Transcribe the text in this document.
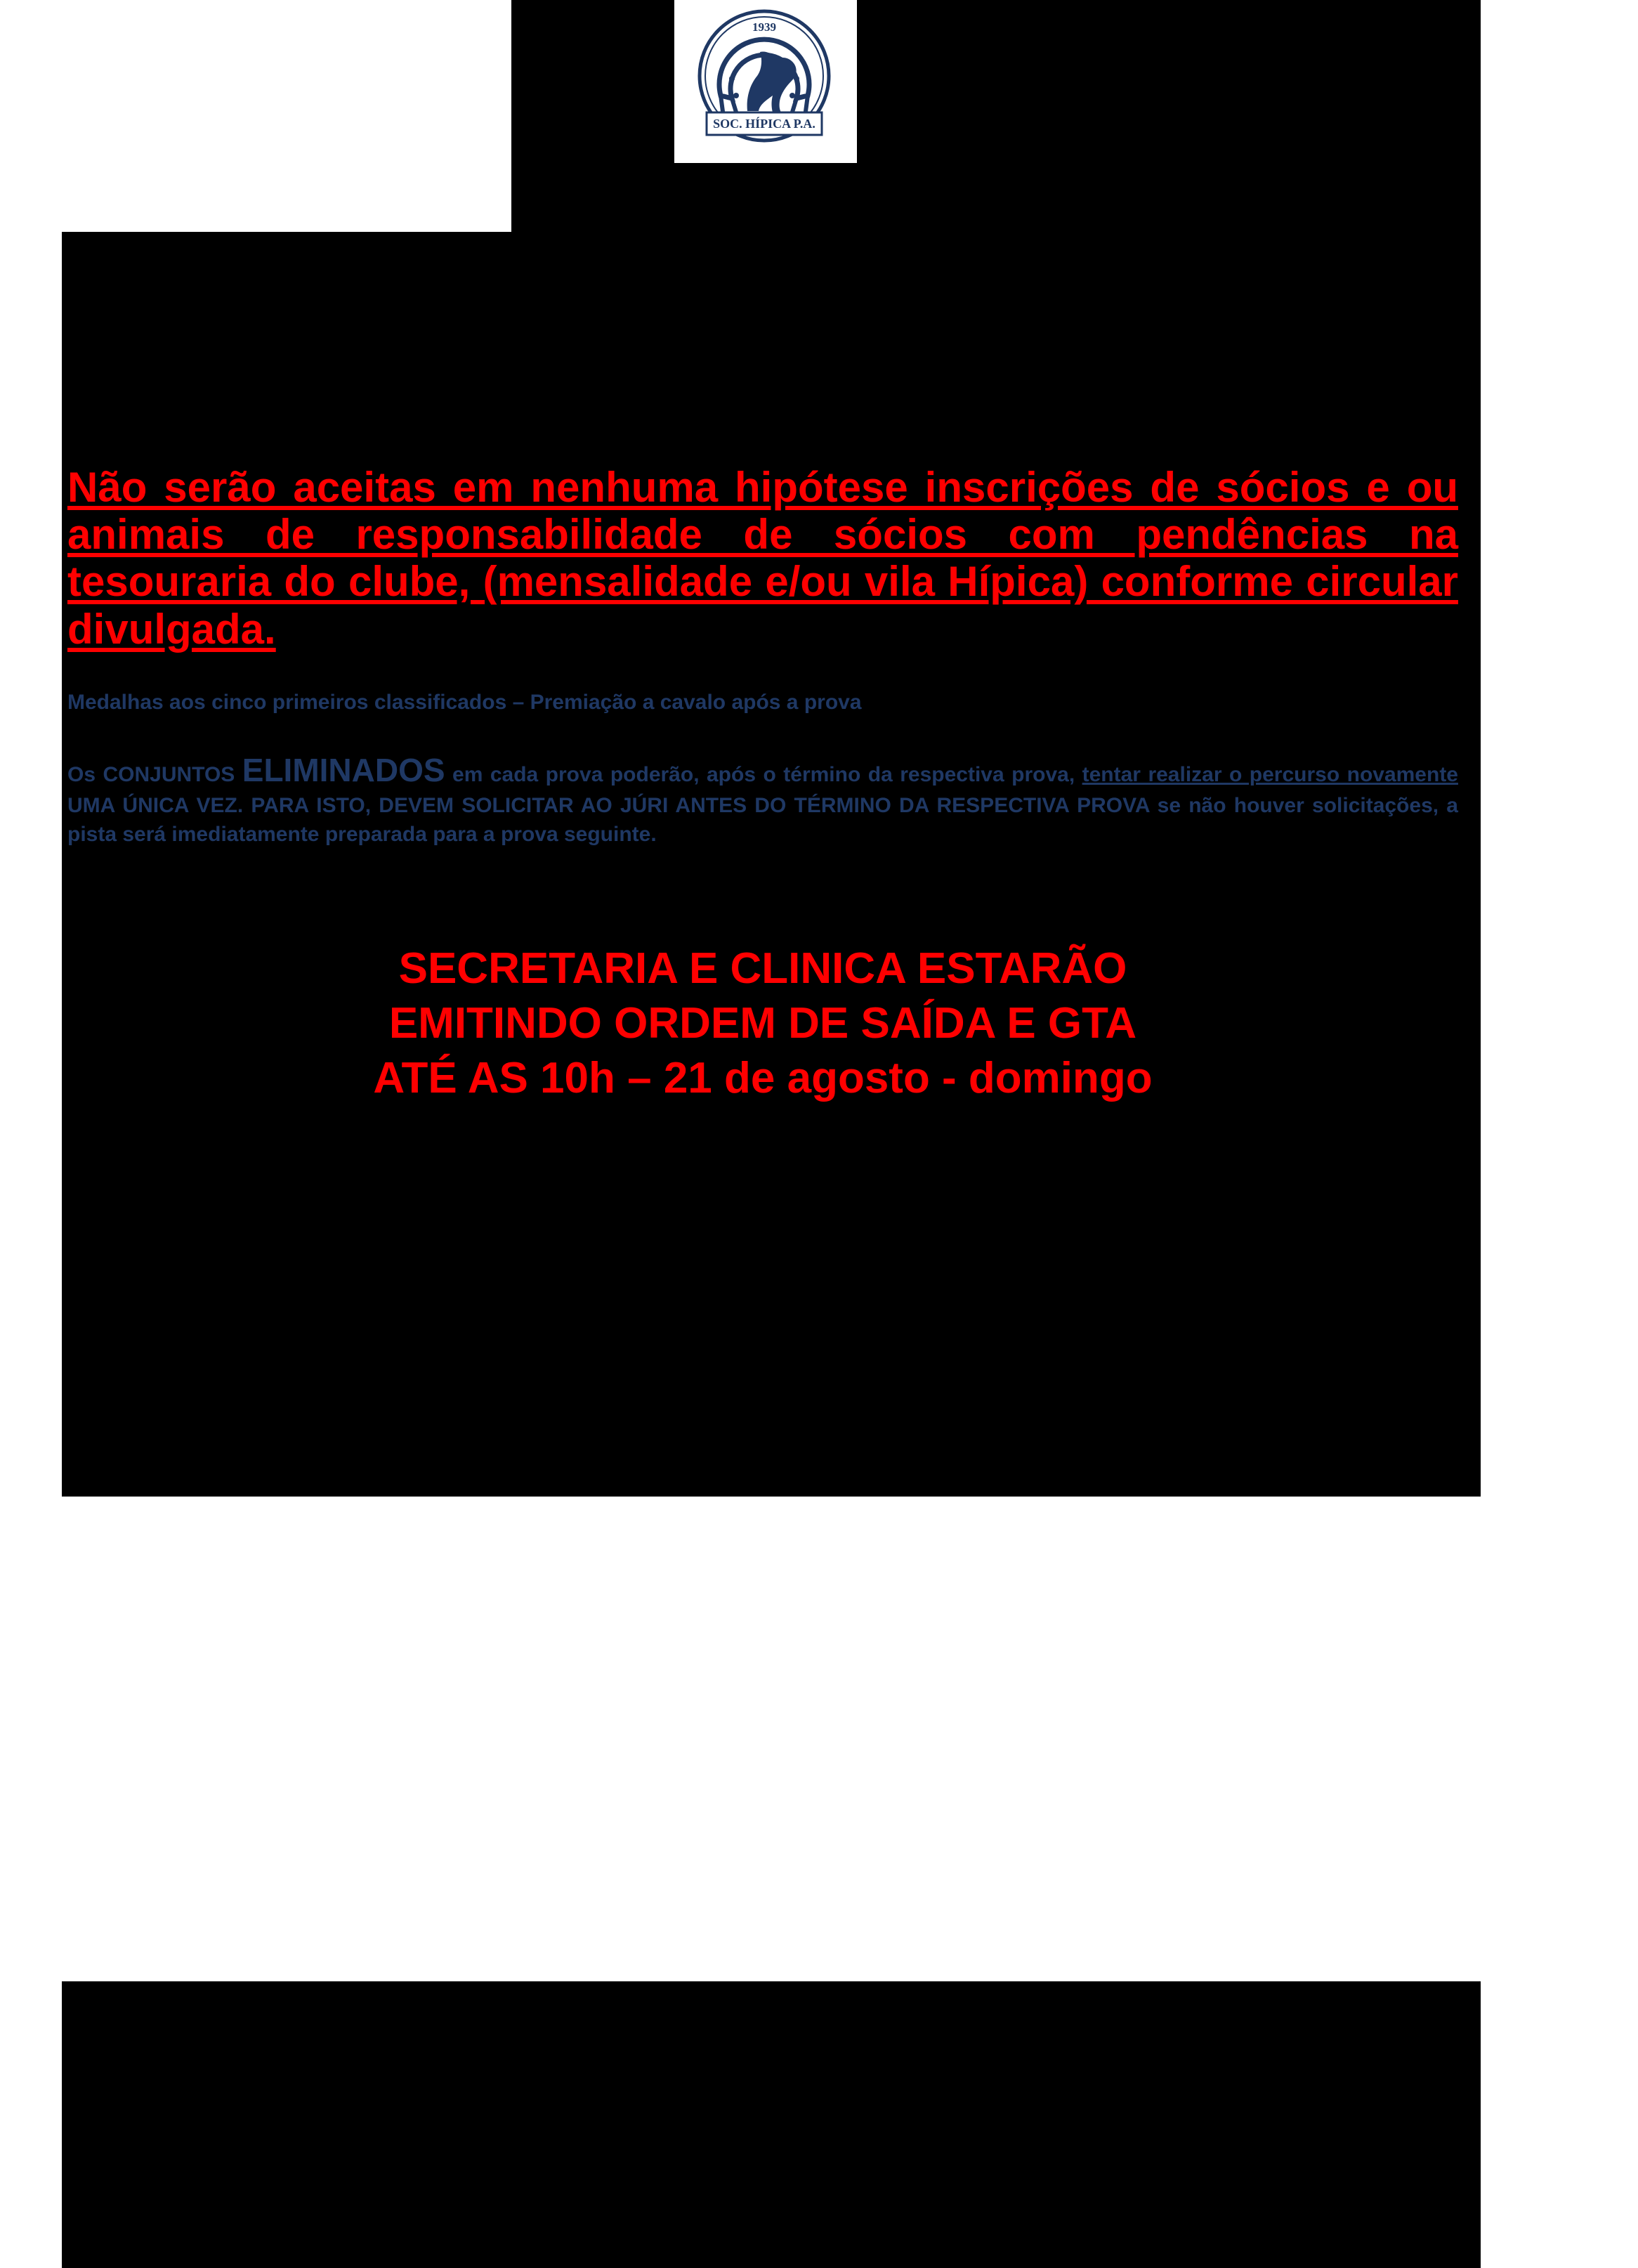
1939
SOC. HÍPICA P.A.

Não serão aceitas em nenhuma hipótese inscrições de sócios e ou animais de responsabilidade de sócios com pendências na tesouraria do clube, (mensalidade e/ou vila Hípica) conforme circular divulgada.

Medalhas aos cinco primeiros classificados – Premiação a cavalo após a prova

Os CONJUNTOS ELIMINADOS em cada prova poderão, após o término da respectiva prova, tentar realizar o percurso novamente UMA ÚNICA VEZ. PARA ISTO, DEVEM SOLICITAR AO JÚRI ANTES DO TÉRMINO DA RESPECTIVA PROVA se não houver solicitações, a pista será imediatamente preparada para a prova seguinte.

SECRETARIA E CLINICA ESTARÃO
EMITINDO ORDEM DE SAÍDA E GTA
ATÉ AS 10h – 21 de agosto - domingo
